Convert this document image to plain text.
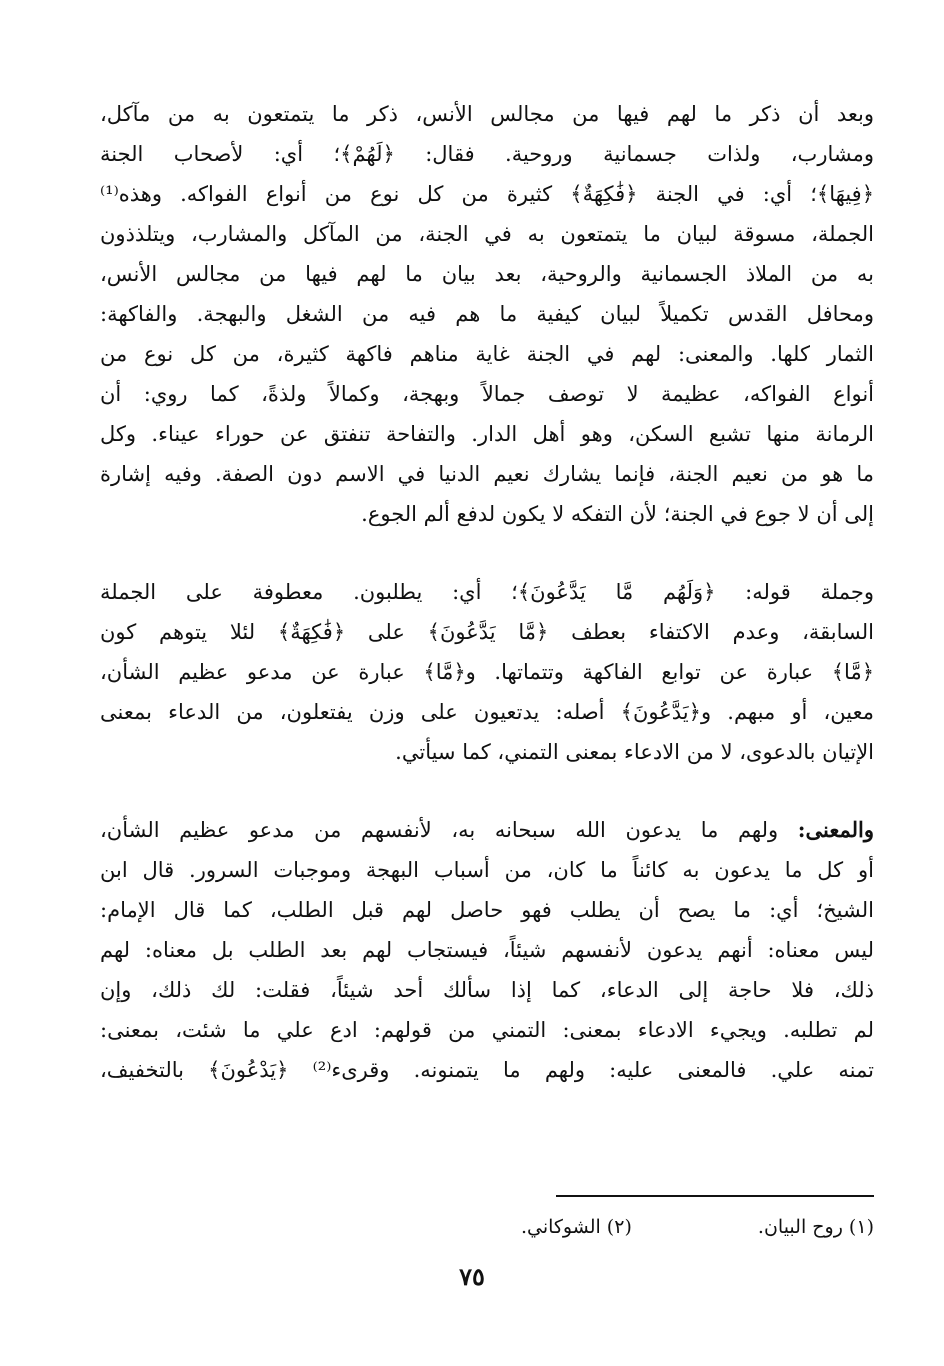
وبعد أن ذكر ما لهم فيها من مجالس الأنس، ذكر ما يتمتعون به من مآكل،
ومشارب، ولذات جسمانية وروحية. فقال: ﴿لَهُمْ﴾؛ أي: لأصحاب الجنة
﴿فِيهَا﴾؛ أي: في الجنة ﴿فَٰكِهَةٌ﴾ كثيرة من كل نوع من أنواع الفواكه. وهذه⁽¹⁾
الجملة، مسوقة لبيان ما يتمتعون به في الجنة، من المآكل والمشارب، ويتلذذون
به من الملاذ الجسمانية والروحية، بعد بيان ما لهم فيها من مجالس الأنس،
ومحافل القدس تكميلاً لبيان كيفية ما هم فيه من الشغل والبهجة. والفاكهة:
الثمار كلها. والمعنى: لهم في الجنة غاية مناهم فاكهة كثيرة، من كل نوع من
أنواع الفواكه، عظيمة لا توصف جمالاً وبهجة، وكمالاً ولذةً، كما روي: أن
الرمانة منها تشبع السكن، وهو أهل الدار. والتفاحة تنفتق عن حوراء عيناء. وكل
ما هو من نعيم الجنة، فإنما يشارك نعيم الدنيا في الاسم دون الصفة. وفيه إشارة
إلى أن لا جوع في الجنة؛ لأن التفكه لا يكون لدفع ألم الجوع.
وجملة قوله: ﴿وَلَهُم مَّا يَدَّعُونَ﴾؛ أي: يطلبون. معطوفة على الجملة
السابقة، وعدم الاكتفاء بعطف ﴿مَّا يَدَّعُونَ﴾ على ﴿فَٰكِهَةٌ﴾ لئلا يتوهم كون
﴿مَّا﴾ عبارة عن توابع الفاكهة وتتماتها. و﴿مَّا﴾ عبارة عن مدعو عظيم الشأن،
معين، أو مبهم. و﴿يَدَّعُونَ﴾ أصله: يدتعيون على وزن يفتعلون، من الدعاء بمعنى
الإتيان بالدعوى، لا من الادعاء بمعنى التمني، كما سيأتي.
والمعنى: ولهم ما يدعون الله سبحانه به، لأنفسهم من مدعو عظيم الشأن،
أو كل ما يدعون به كائناً ما كان، من أسباب البهجة وموجبات السرور. قال ابن
الشيخ؛ أي: ما يصح أن يطلب فهو حاصل لهم قبل الطلب، كما قال الإمام:
ليس معناه: أنهم يدعون لأنفسهم شيئاً، فيستجاب لهم بعد الطلب بل معناه: لهم
ذلك، فلا حاجة إلى الدعاء، كما إذا سألك أحد شيئاً، فقلت: لك ذلك، وإن
لم تطلبه. ويجيء الادعاء بمعنى: التمني من قولهم: ادع علي ما شئت، بمعنى:
تمنه علي. فالمعنى عليه: ولهم ما يتمنونه. وقرىء⁽²⁾ ﴿يَدْعُونَ﴾ بالتخفيف،
(١) روح البيان. (٢) الشوكاني.
٧٥
